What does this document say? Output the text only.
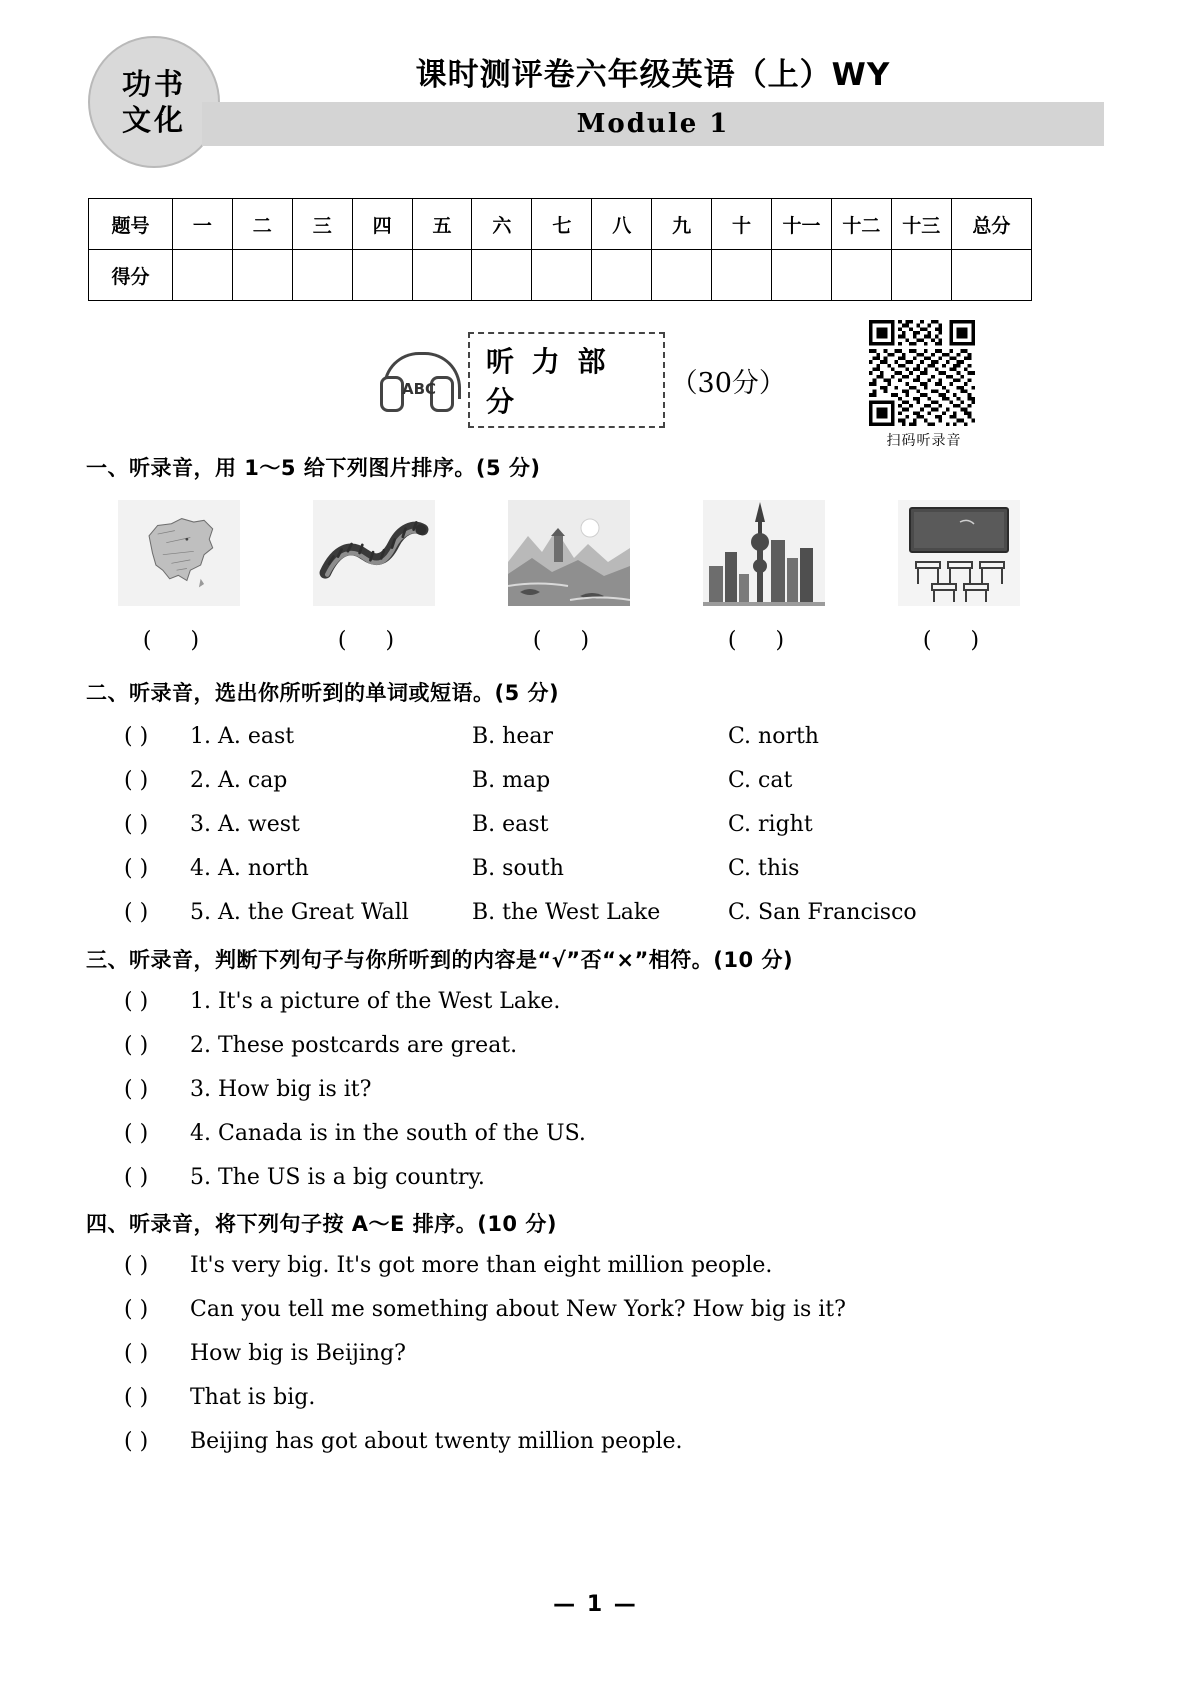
功书
文化
课时测评卷六年级英语（上）WY
Module 1
题号	一	二	三	四	五	六	七	八	九	十	十一	十二	十三	总分
得分														
ABC
听 力 部 分
（30分）
扫码听录音
一、听录音，用 1～5 给下列图片排序。(5 分)
( )	( )	( )	( )	( )
二、听录音，选出你所听到的单词或短语。(5 分)
( ) 1. A. east	B. hear	C. north
( ) 2. A. cap	B. map	C. cat
( ) 3. A. west	B. east	C. right
( ) 4. A. north	B. south	C. this
( ) 5. A. the Great Wall	B. the West Lake	C. San Francisco
三、听录音，判断下列句子与你所听到的内容是“√”否“×”相符。(10 分)
( ) 1. It's a picture of the West Lake.
( ) 2. These postcards are great.
( ) 3. How big is it?
( ) 4. Canada is in the south of the US.
( ) 5. The US is a big country.
四、听录音，将下列句子按 A～E 排序。(10 分)
( ) It's very big. It's got more than eight million people.
( ) Can you tell me something about New York? How big is it?
( ) How big is Beijing?
( ) That is big.
( ) Beijing has got about twenty million people.
— 1 —
